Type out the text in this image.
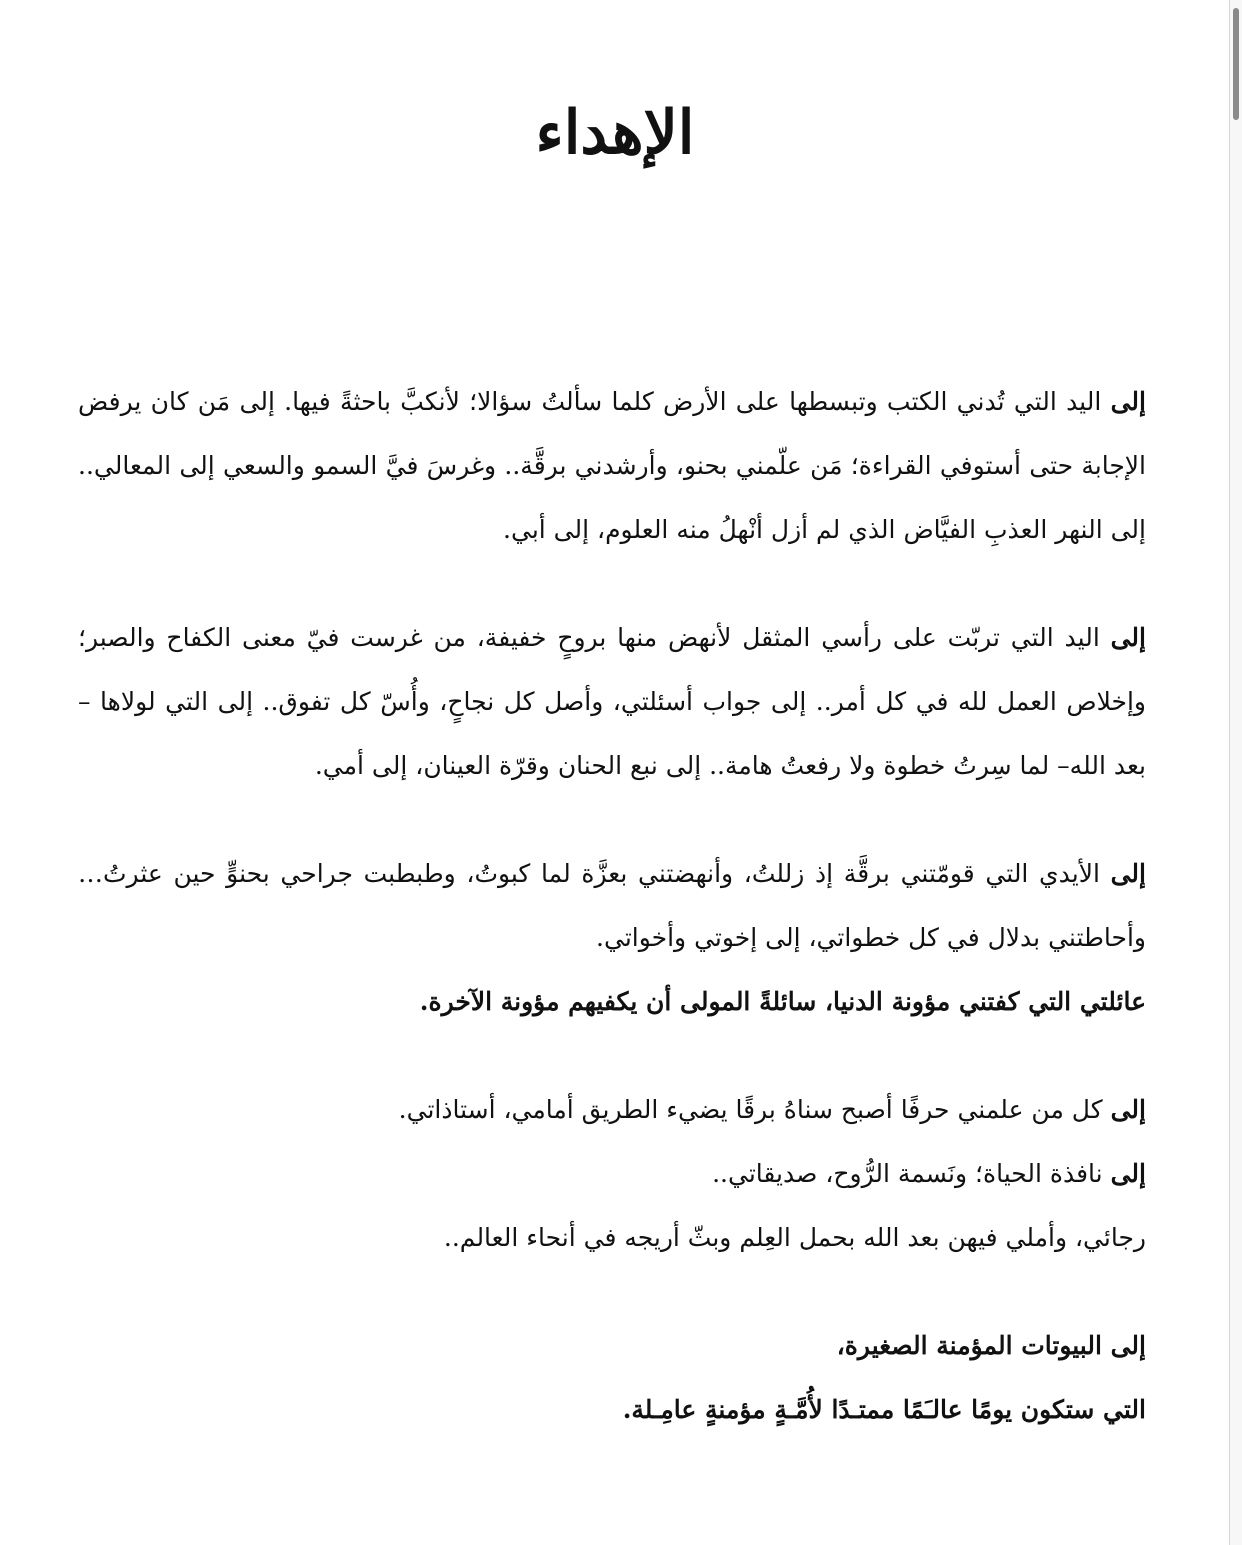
الإهداء

إلى اليد التي تُدني الكتب وتبسطها على الأرض كلما سألتُ سؤالا؛ لأنكبَّ باحثةً فيها. إلى مَن كان يرفض الإجابة حتى أستوفي القراءة؛ مَن علّمني بحنو، وأرشدني برقَّة.. وغرسَ فيَّ السمو والسعي إلى المعالي.. إلى النهر العذبِ الفيَّاض الذي لم أزل أنْهلُ منه العلوم، إلى أبي.

إلى اليد التي تربّت على رأسي المثقل لأنهض منها بروحٍ خفيفة، من غرست فيّ معنى الكفاح والصبر؛ وإخلاص العمل لله في كل أمر.. إلى جواب أسئلتي، وأصل كل نجاحٍ، وأُسّ كل تفوق.. إلى التي لولاها – بعد الله– لما سِرتُ خطوة ولا رفعتُ هامة.. إلى نبع الحنان وقرّة العينان، إلى أمي.

إلى الأيدي التي قومّتني برقَّة إذ زللتُ، وأنهضتني بعزَّة لما كبوتُ، وطبطبت جراحي بحنوٍّ حين عثرتُ… وأحاطتني بدلال في كل خطواتي، إلى إخوتي وأخواتي.
عائلتي التي كفتني مؤونة الدنيا، سائلةً المولى أن يكفيهم مؤونة الآخرة.

إلى كل من علمني حرفًا أصبح سناهُ برقًا يضيء الطريق أمامي، أستاذاتي.
إلى نافذة الحياة؛ ونَسمة الرُّوح، صديقاتي..
رجائي، وأملي فيهن بعد الله بحمل العِلم وبثّ أريجه في أنحاء العالم..

إلى البيوتات المؤمنة الصغيرة،
التي ستكون يومًا عالـَمًا ممتـدًا لأُمَّـةٍ مؤمنةٍ عامِـلة.
